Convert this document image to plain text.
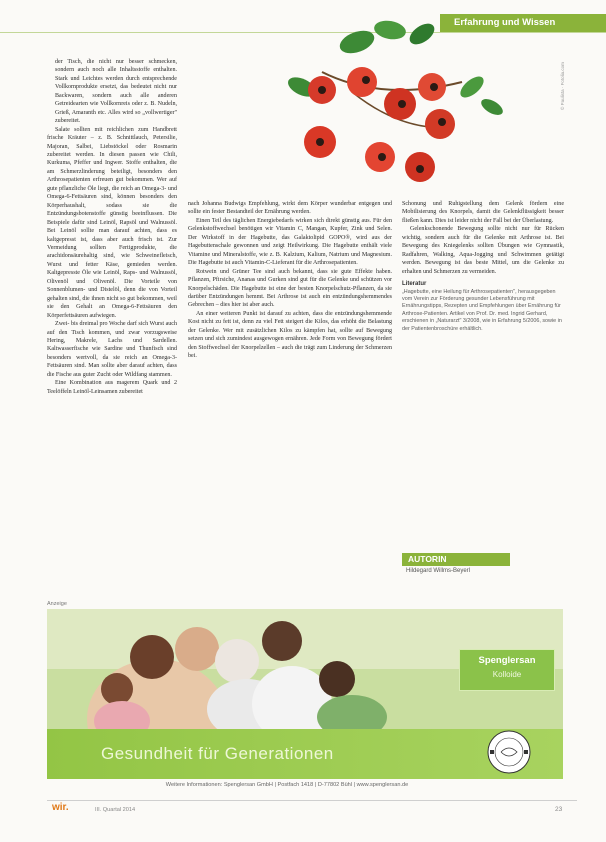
Erfahrung und Wissen
© Paulista · Fotolia.com

der Tisch, die nicht nur besser schmecken, sondern auch noch alle Inhaltsstoffe enthalten. Stark und Leichtes werden durch entsprechende Vollkornprodukte ersetzt, das bedeutet nicht nur Backwaren, sondern auch alle anderen Getreidearten wie Vollkornreis oder z. B. Nudeln, Grieß, Amaranth etc. Alles wird so „vollwertiger" zubereitet.

Salate sollten mit reichlichen zum Handbrett frische Kräuter – z. B. Schnittlauch, Petersilie, Majoran, Salbei, Liebstöckel oder Rosmarin zubereitet werden. In diesen passen wie Chili, Kurkuma, Pfeffer und Ingwer. Stoffe enthalten, die am Schmerzlinderung beteiligt, besonders den Arthrosepatienten erfreuen gut bekommen. Wer auf gute pflanzliche Öle liegt, die reich an Omega-3- und Omega-6-Fettsäuren sind, können besonders den Körperhaushalt, sodass sie die Entzündungsbotenstoffe günstig beeinflussen. Die Beispiele dafür sind Leinöl, Rapsöl und Walnussöl. Bei Leinöl sollte man darauf achten, dass es kaltgepresst ist, dass aber auch frisch ist. Zur Vermeidung sollten Fertigprodukte, die arachidonsäurehaltig sind, wie Schweinefleisch, Wurst und fetter Käse, gemieden werden. Kaltgepresste Öle wie Leinöl, Raps- und Walnussöl, Olivenöl und Olivenöl. Die Vorteile von Sonnenblumen- und Distelöl, denn die von Vorteil gehalten sind, die ihnen nicht so gut bekommen, weil sie den Gehalt an Omega-6-Fettsäuren den Körperfettsäuren aufwiegen.

Zwei- bis dreimal pro Woche darf sich Wurst auch auf den Tisch kommen, und zwar vorzugsweise Hering, Makrele, Lachs und Sardellen. Kaltwasserfische wie Sardine und Thunfisch sind besonders wertvoll, da sie reich an Omega-3-Fettsäuren sind. Man sollte aber darauf achten, dass die Fische aus guter Zucht oder Wildfang stammen.

Eine Kombination aus magerem Quark und 2 Teelöffeln Leinöl-Leinsamen zubereitet

nach Johanna Budwigs Empfehlung, wirkt dem Körper wunderbar entgegen und sollte ein fester Bestandteil der Ernährung werden.

Einen Teil des täglichen Energiebedarfs wirken sich direkt günstig aus. Für den Gelenkstoffwechsel benötigen wir Vitamin C, Mangan, Kupfer, Zink und Selen. Der Wirkstoff in der Hagebutte, das Galaktolipid GOPO®, wird aus der Hagebuttenschale gewonnen und zeigt Heilwirkung. Die Hagebutte enthält viele Vitamine und Mineralstoffe, wie z. B. Kalzium, Kalium, Natrium und Magnesium. Die Hagebutte ist auch Vitamin-C-Lieferant für die Arthrosepatienten.

Rotwein und Grüner Tee sind auch bekannt, dass sie gute Effekte haben. Pflanzen, Pfirsiche, Ananas und Gurken sind gut für die Gelenke und schützen vor Knorpelschäden. Die Hagebutte ist eine der besten Knorpelschutz-Pflanzen, da sie darüber Entzündungen hemmt. Bei Arthrose ist auch ein entzündungshemmendes Gebrechen – dies hier ist aber auch.

An einer weiteren Punkt ist darauf zu achten, dass die entzündungshemmende Kost nicht zu fett ist, denn zu viel Fett steigert die Kilos, das erhöht die Belastung der Gelenke. Wer mit zusätzlichen Kilos zu kämpfen hat, sollte auf Bewegung setzen und sich zumindest ausgewogen ernähren. Jede Form von Bewegung fördert den Stoffwechsel der Knorpelzellen – auch die trägt zum Linderung der Schmerzen bei.

Schonung und Ruhigstellung dem Gelenk fördern eine Mobilisierung des Knorpels, damit die Gelenkflüssigkeit besser fließen kann. Dies ist leider nicht der Fall bei der Überlastung.

Gelenkschonende Bewegung sollte nicht nur für Rücken wichtig, sondern auch für die Gelenke mit Arthrose ist. Bei Bewegung des Kniegelenks sollten Übungen wie Gymnastik, Radfahren, Walking, Aqua-Jogging und Schwimmen getätigt werden. Bewegung ist das beste Mittel, um die Gelenke zu erhalten und Schmerzen zu vermeiden.

Literatur
„Hagebutte, eine Heilung für Arthrosepatienten", herausgegeben vom Verein zur Förderung gesunder Lebensführung mit Ernährungstipps, Rezepten und Empfehlungen über Ernährung für Arthrose-Patienten. Artikel von Prof. Dr. med. Ingrid Gerhard, erschienen in „Naturarzt" 3/2008, wie in Erfahrung 5/2006, sowie in der Patientenbroschüre erhältlich.
AUTORIN
Hildegard Willms-Beyerl
Anzeige
Spenglersan
Kolloide
Gesundheit für Generationen
Weitere Informationen: Spenglersan GmbH | Postfach 1418 | D-77802 Bühl | www.spenglersan.de
wir.	III. Quartal 2014	23
